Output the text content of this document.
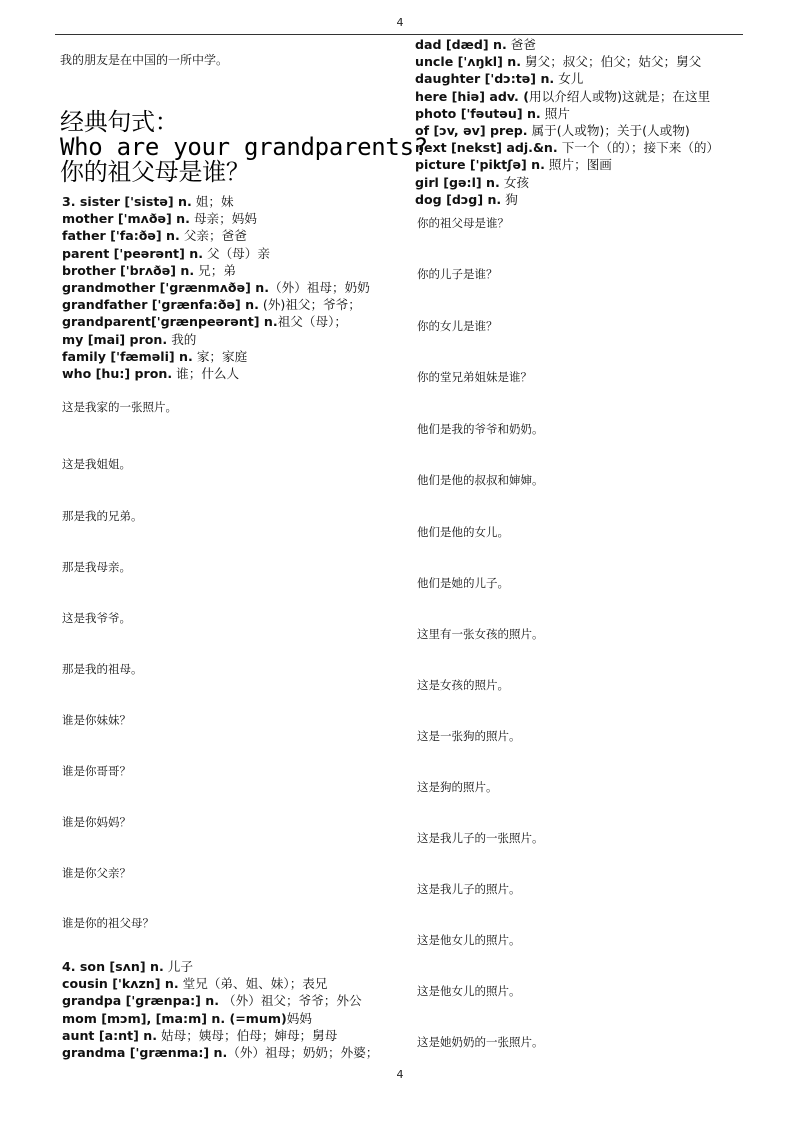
4
我的朋友是在中国的一所中学。
经典句式：
Who are your grandparents?
你的祖父母是谁？
3. sister ['sistə] n. 姐；妹
mother ['mʌðə] n. 母亲；妈妈
father ['fa:ðə] n. 父亲；爸爸
parent ['peərənt] n. 父（母）亲
brother ['brʌðə] n. 兄；弟
grandmother ['grænmʌðə] n.（外）祖母；奶奶
grandfather ['grænfa:ðə] n. (外)祖父；爷爷；
grandparent['grænpeərənt] n.祖父（母）；
my [mai] pron. 我的
family ['fæməli] n. 家；家庭
who [hu:] pron. 谁；什么人
这是我家的一张照片。
这是我姐姐。
那是我的兄弟。
那是我母亲。
这是我爷爷。
那是我的祖母。
谁是你妹妹？
谁是你哥哥？
谁是你妈妈？
谁是你父亲？
谁是你的祖父母？
4. son [sʌn] n. 儿子
cousin ['kʌzn] n. 堂兄（弟、姐、妹）；表兄
grandpa ['grænpa:] n. （外）祖父；爷爷；外公
mom [mɔm], [ma:m] n. (=mum)妈妈
aunt [a:nt] n. 姑母；姨母；伯母；婶母；舅母
grandma ['grænma:] n.（外）祖母；奶奶；外婆；
dad [dæd] n. 爸爸
uncle ['ʌŋkl] n. 舅父；叔父；伯父；姑父；舅父
daughter ['dɔ:tə] n. 女儿
here [hiə] adv. (用以介绍人或物)这就是；在这里
photo ['fəutəu] n. 照片
of [ɔv, əv] prep. 属于(人或物)；关于(人或物)
next [nekst] adj.&n. 下一个（的）；接下来（的）
picture ['piktʃə] n. 照片；图画
girl [gə:l] n. 女孩
dog [dɔg] n. 狗
你的祖父母是谁？
你的儿子是谁？
你的女儿是谁？
你的堂兄弟姐妹是谁？
他们是我的爷爷和奶奶。
他们是他的叔叔和婶婶。
他们是他的女儿。
他们是她的儿子。
这里有一张女孩的照片。
这是女孩的照片。
这是一张狗的照片。
这是狗的照片。
这是我儿子的一张照片。
这是我儿子的照片。
这是他女儿的照片。
这是他女儿的照片。
这是她奶奶的一张照片。
4
